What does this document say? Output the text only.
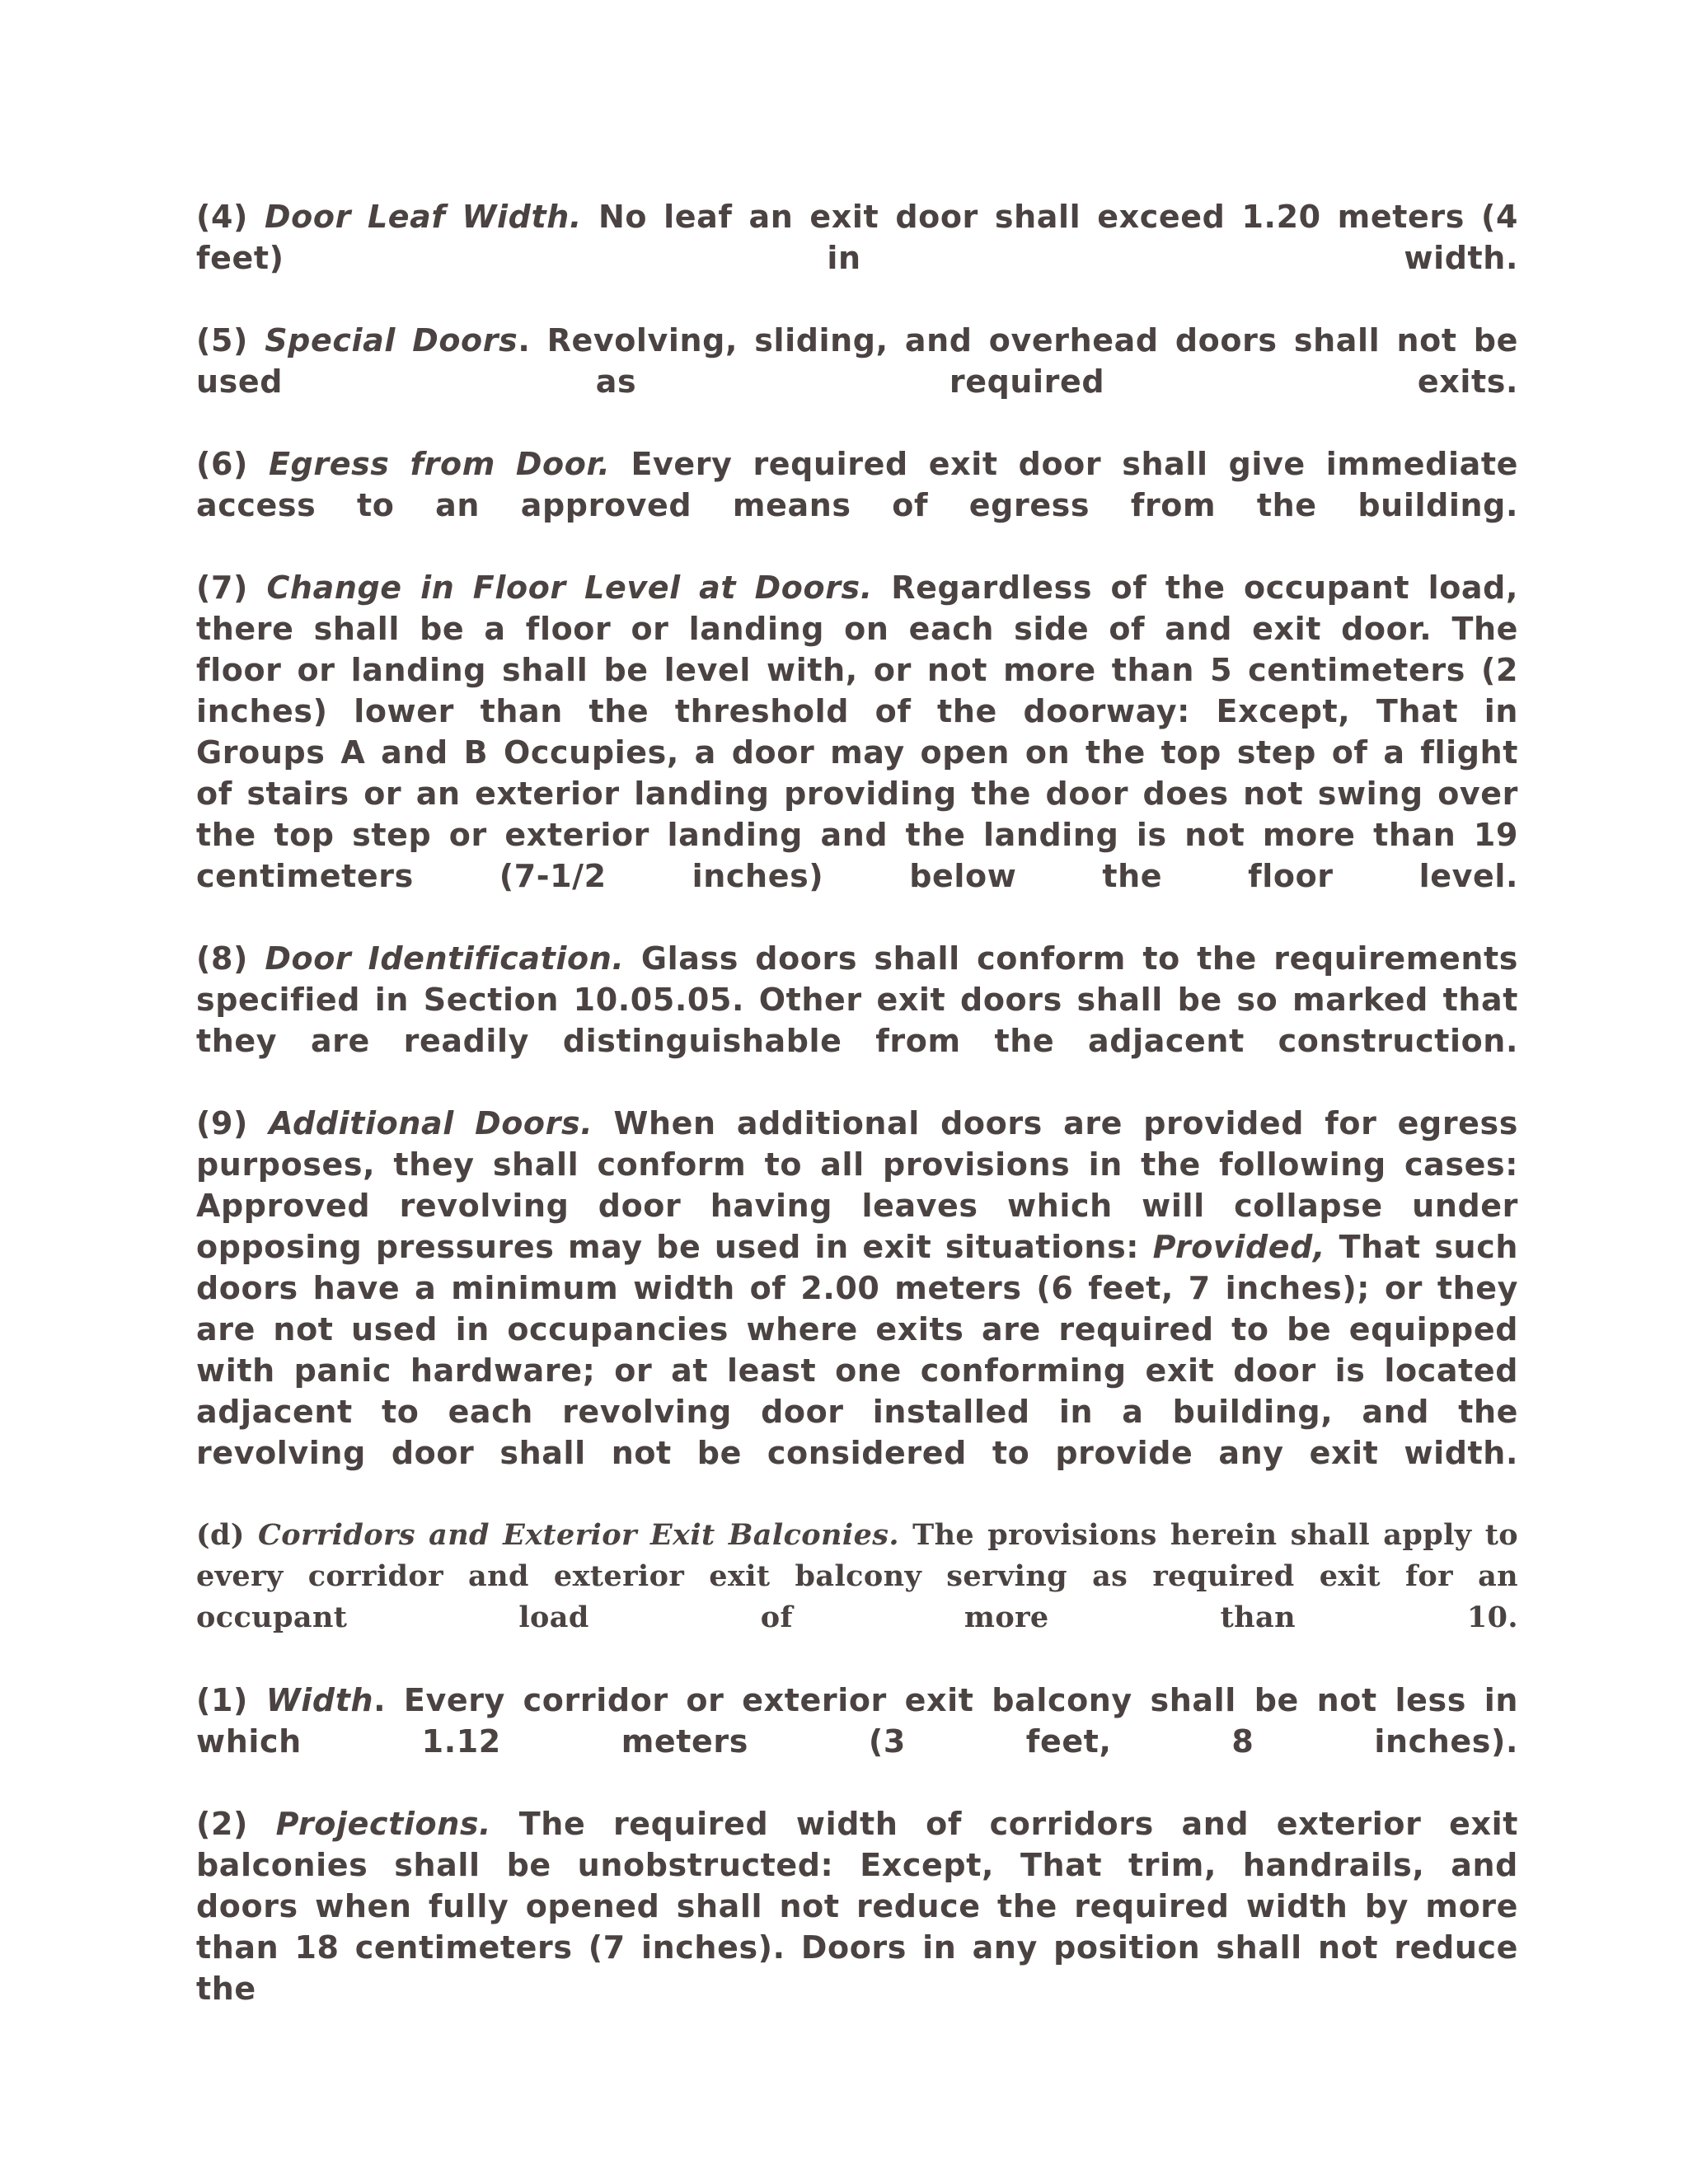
(4) Door Leaf Width. No leaf an exit door shall exceed 1.20 meters (4 feet) in width.

(5) Special Doors. Revolving, sliding, and overhead doors shall not be used as required exits.

(6) Egress from Door. Every required exit door shall give immediate access to an approved means of egress from the building.

(7) Change in Floor Level at Doors. Regardless of the occupant load, there shall be a floor or landing on each side of and exit door. The floor or landing shall be level with, or not more than 5 centimeters (2 inches) lower than the threshold of the doorway: Except, That in Groups A and B Occupies, a door may open on the top step of a flight of stairs or an exterior landing providing the door does not swing over the top step or exterior landing and the landing is not more than 19 centimeters (7-1/2 inches) below the floor level.

(8) Door Identification. Glass doors shall conform to the requirements specified in Section 10.05.05. Other exit doors shall be so marked that they are readily distinguishable from the adjacent construction.

(9) Additional Doors. When additional doors are provided for egress purposes, they shall conform to all provisions in the following cases: Approved revolving door having leaves which will collapse under opposing pressures may be used in exit situations: Provided, That such doors have a minimum width of 2.00 meters (6 feet, 7 inches); or they are not used in occupancies where exits are required to be equipped with panic hardware; or at least one conforming exit door is located adjacent to each revolving door installed in a building, and the revolving door shall not be considered to provide any exit width.

(d) Corridors and Exterior Exit Balconies. The provisions herein shall apply to every corridor and exterior exit balcony serving as required exit for an occupant load of more than 10.

(1) Width. Every corridor or exterior exit balcony shall be not less in which 1.12 meters (3 feet, 8 inches).

(2) Projections. The required width of corridors and exterior exit balconies shall be unobstructed: Except, That trim, handrails, and doors when fully opened shall not reduce the required width by more than 18 centimeters (7 inches). Doors in any position shall not reduce the
